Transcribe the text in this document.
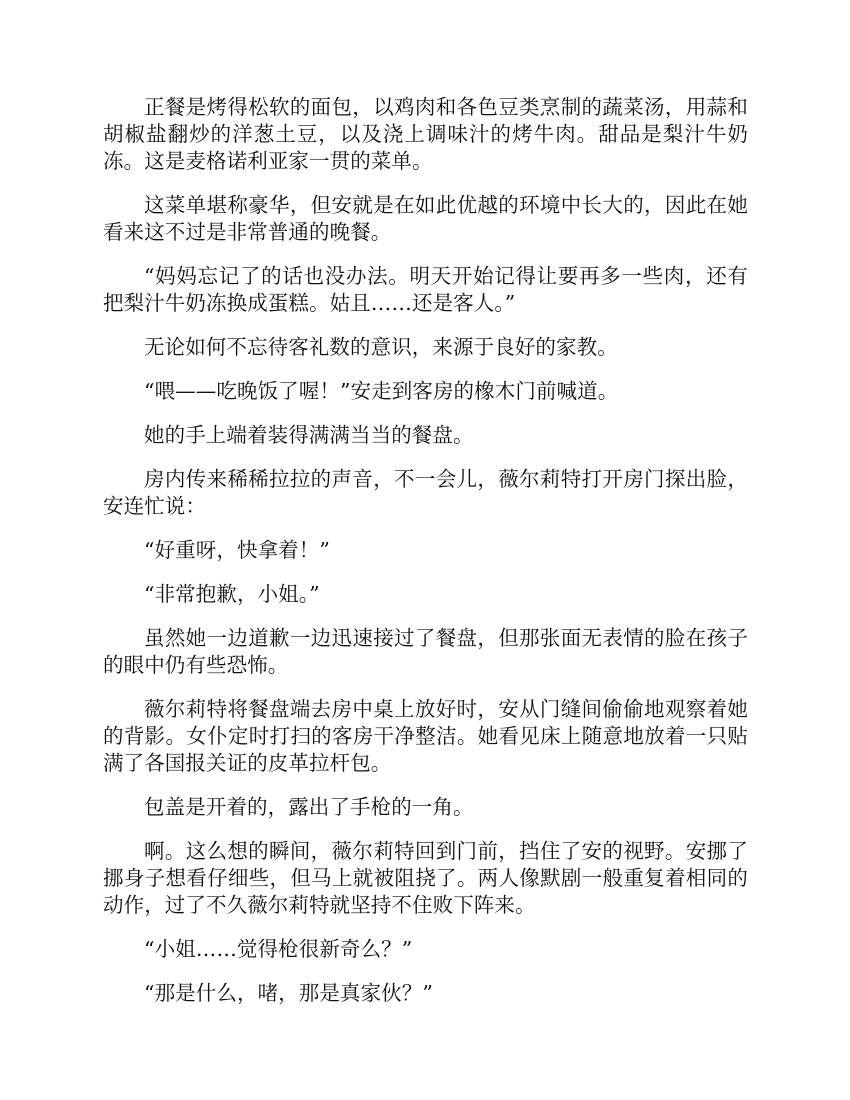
正餐是烤得松软的面包，以鸡肉和各色豆类烹制的蔬菜汤，用蒜和胡椒盐翻炒的洋葱土豆，以及浇上调味汁的烤牛肉。甜品是梨汁牛奶冻。这是麦格诺利亚家一贯的菜单。

这菜单堪称豪华，但安就是在如此优越的环境中长大的，因此在她看来这不过是非常普通的晚餐。

“妈妈忘记了的话也没办法。明天开始记得让要再多一些肉，还有把梨汁牛奶冻换成蛋糕。姑且……还是客人。”

无论如何不忘待客礼数的意识，来源于良好的家教。

“喂——吃晚饭了喔！”安走到客房的橡木门前喊道。

她的手上端着装得满满当当的餐盘。

房内传来稀稀拉拉的声音，不一会儿，薇尔莉特打开房门探出脸，安连忙说：

“好重呀，快拿着！”

“非常抱歉，小姐。”

虽然她一边道歉一边迅速接过了餐盘，但那张面无表情的脸在孩子的眼中仍有些恐怖。

薇尔莉特将餐盘端去房中桌上放好时，安从门缝间偷偷地观察着她的背影。女仆定时打扫的客房干净整洁。她看见床上随意地放着一只贴满了各国报关证的皮革拉杆包。

包盖是开着的，露出了手枪的一角。

啊。这么想的瞬间，薇尔莉特回到门前，挡住了安的视野。安挪了挪身子想看仔细些，但马上就被阻挠了。两人像默剧一般重复着相同的动作，过了不久薇尔莉特就坚持不住败下阵来。

“小姐……觉得枪很新奇么？”

“那是什么，啫，那是真家伙？”
